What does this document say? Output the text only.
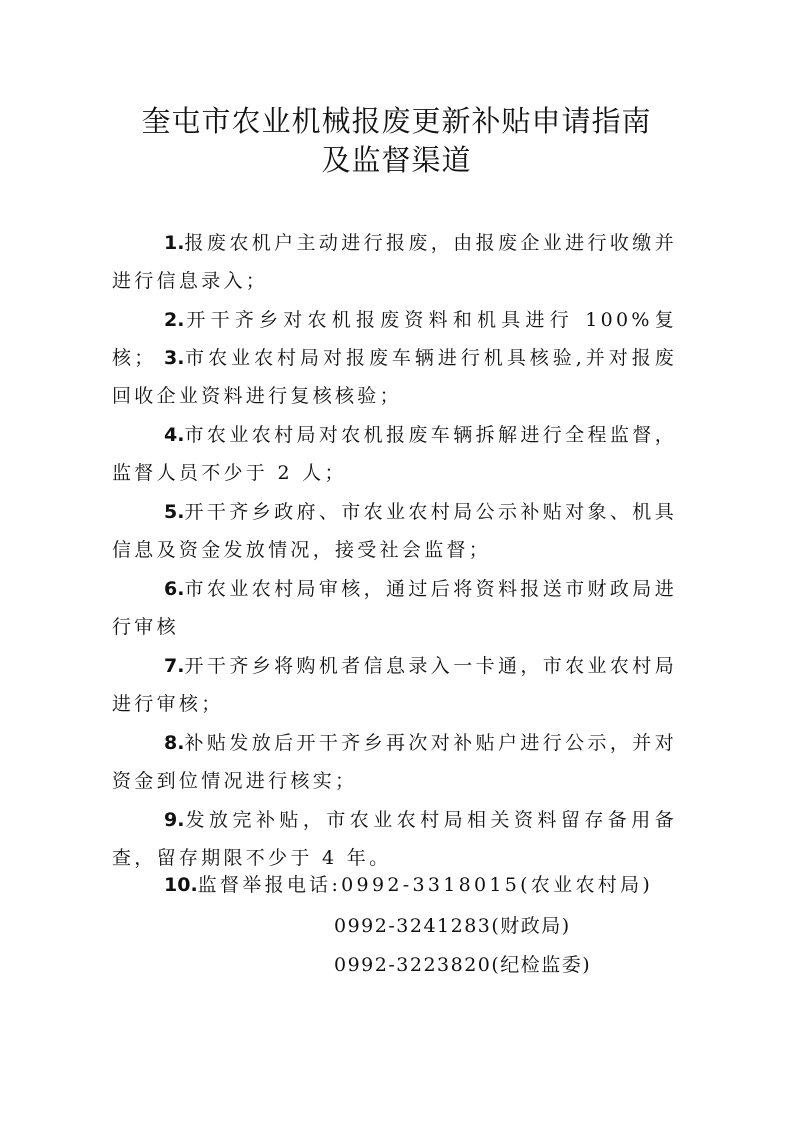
奎屯市农业机械报废更新补贴申请指南
及监督渠道
1.报废农机户主动进行报废，由报废企业进行收缴并进行信息录入；
2.开干齐乡对农机报废资料和机具进行 100%复核； 3.市农业农村局对报废车辆进行机具核验,并对报废回收企业资料进行复核核验；
4.市农业农村局对农机报废车辆拆解进行全程监督，监督人员不少于 2 人；
5.开干齐乡政府、市农业农村局公示补贴对象、机具信息及资金发放情况，接受社会监督；
6.市农业农村局审核，通过后将资料报送市财政局进行审核
7.开干齐乡将购机者信息录入一卡通，市农业农村局进行审核；
8.补贴发放后开干齐乡再次对补贴户进行公示，并对资金到位情况进行核实；
9.发放完补贴，市农业农村局相关资料留存备用备查，留存期限不少于 4 年。
10.监督举报电话:0992-3318015(农业农村局)
0992-3241283(财政局)
0992-3223820(纪检监委)
